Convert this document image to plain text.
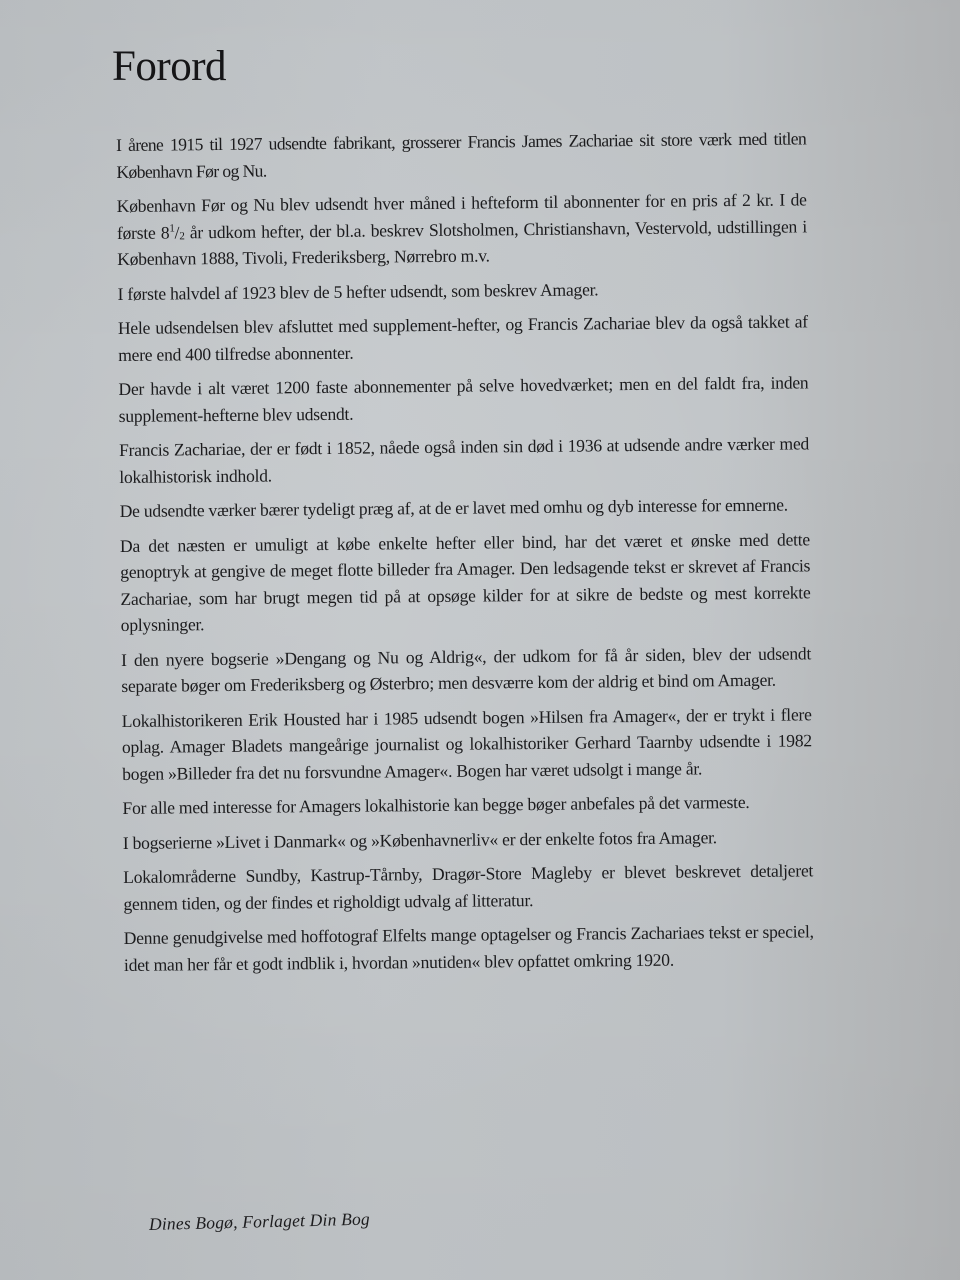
Forord

I årene 1915 til 1927 udsendte fabrikant, grosserer Francis James Zachariae sit store værk med titlen København Før og Nu.

København Før og Nu blev udsendt hver måned i hefteform til abonnenter for en pris af 2 kr. I de første $8^1/_2$ år udkom hefter, der bl.a. beskrev Slotsholmen, Christianshavn, Vestervold, udstillingen i København 1888, Tivoli, Frederiksberg, Nørrebro m.v.

I første halvdel af 1923 blev de 5 hefter udsendt, som beskrev Amager.

Hele udsendelsen blev afsluttet med supplement-hefter, og Francis Zachariae blev da også takket af mere end 400 tilfredse abonnenter.

Der havde i alt været 1200 faste abonnementer på selve hovedværket; men en del faldt fra, inden supplement-hefterne blev udsendt.

Francis Zachariae, der er født i 1852, nåede også inden sin død i 1936 at udsende andre værker med lokalhistorisk indhold.

De udsendte værker bærer tydeligt præg af, at de er lavet med omhu og dyb interesse for emnerne.

Da det næsten er umuligt at købe enkelte hefter eller bind, har det været et ønske med dette genoptryk at gengive de meget flotte billeder fra Amager. Den ledsagende tekst er skrevet af Francis Zachariae, som har brugt megen tid på at opsøge kilder for at sikre de bedste og mest korrekte oplysninger.

I den nyere bogserie »Dengang og Nu og Aldrig«, der udkom for få år siden, blev der udsendt separate bøger om Frederiksberg og Østerbro; men desværre kom der aldrig et bind om Amager.

Lokalhistorikeren Erik Housted har i 1985 udsendt bogen »Hilsen fra Amager«, der er trykt i flere oplag. Amager Bladets mangeårige journalist og lokalhistoriker Gerhard Taarnby udsendte i 1982 bogen »Billeder fra det nu forsvundne Amager«. Bogen har været udsolgt i mange år.

For alle med interesse for Amagers lokalhistorie kan begge bøger anbefales på det varmeste.

I bogserierne »Livet i Danmark« og »Københavnerliv« er der enkelte fotos fra Amager.

Lokalområderne Sundby, Kastrup-Tårnby, Dragør-Store Magleby er blevet beskrevet detaljeret gennem tiden, og der findes et righoldigt udvalg af litteratur.

Denne genudgivelse med hoffotograf Elfelts mange optagelser og Francis Zachariaes tekst er speciel, idet man her får et godt indblik i, hvordan »nutiden« blev opfattet omkring 1920.

Dines Bogø, Forlaget Din Bog
